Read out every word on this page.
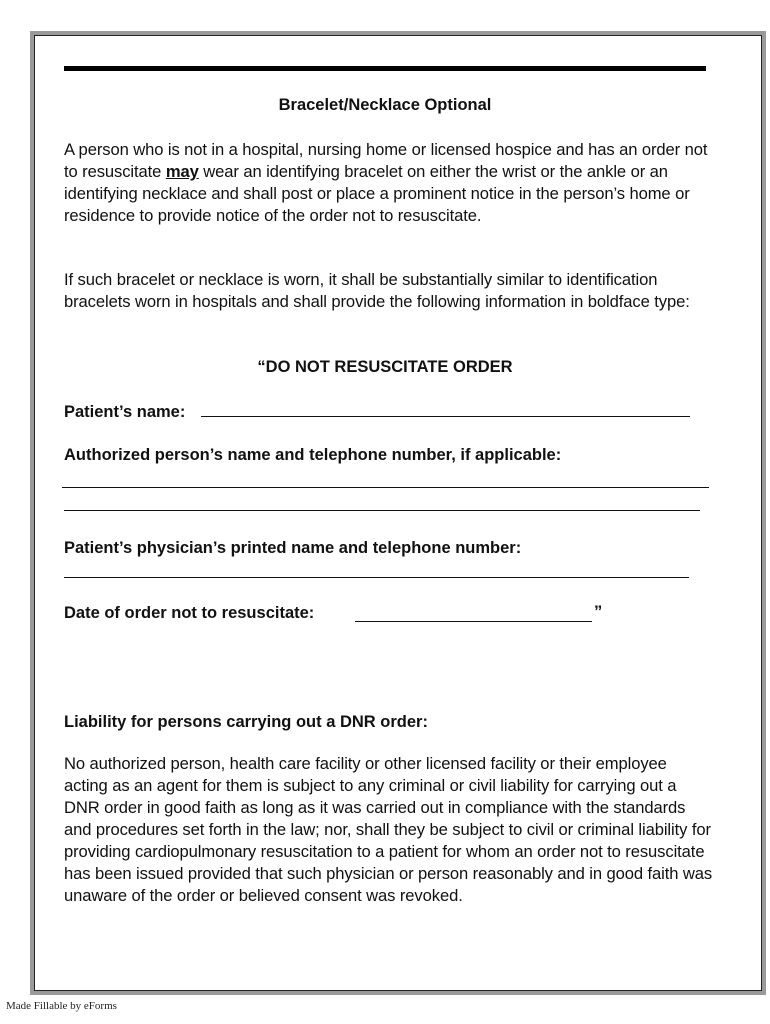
Bracelet/Necklace Optional

A person who is not in a hospital, nursing home or licensed hospice and has an order not to resuscitate may wear an identifying bracelet on either the wrist or the ankle or an identifying necklace and shall post or place a prominent notice in the person’s home or residence to provide notice of the order not to resuscitate.

If such bracelet or necklace is worn, it shall be substantially similar to identification bracelets worn in hospitals and shall provide the following information in boldface type:

“DO NOT RESUSCITATE ORDER

Patient’s name:

Authorized person’s name and telephone number, if applicable:

Patient’s physician’s printed name and telephone number:

Date of order not to resuscitate:	”

Liability for persons carrying out a DNR order:

No authorized person, health care facility or other licensed facility or their employee acting as an agent for them is subject to any criminal or civil liability for carrying out a DNR order in good faith as long as it was carried out in compliance with the standards and procedures set forth in the law; nor, shall they be subject to civil or criminal liability for providing cardiopulmonary resuscitation to a patient for whom an order not to resuscitate has been issued provided that such physician or person reasonably and in good faith was unaware of the order or believed consent was revoked.

Made Fillable by eForms
